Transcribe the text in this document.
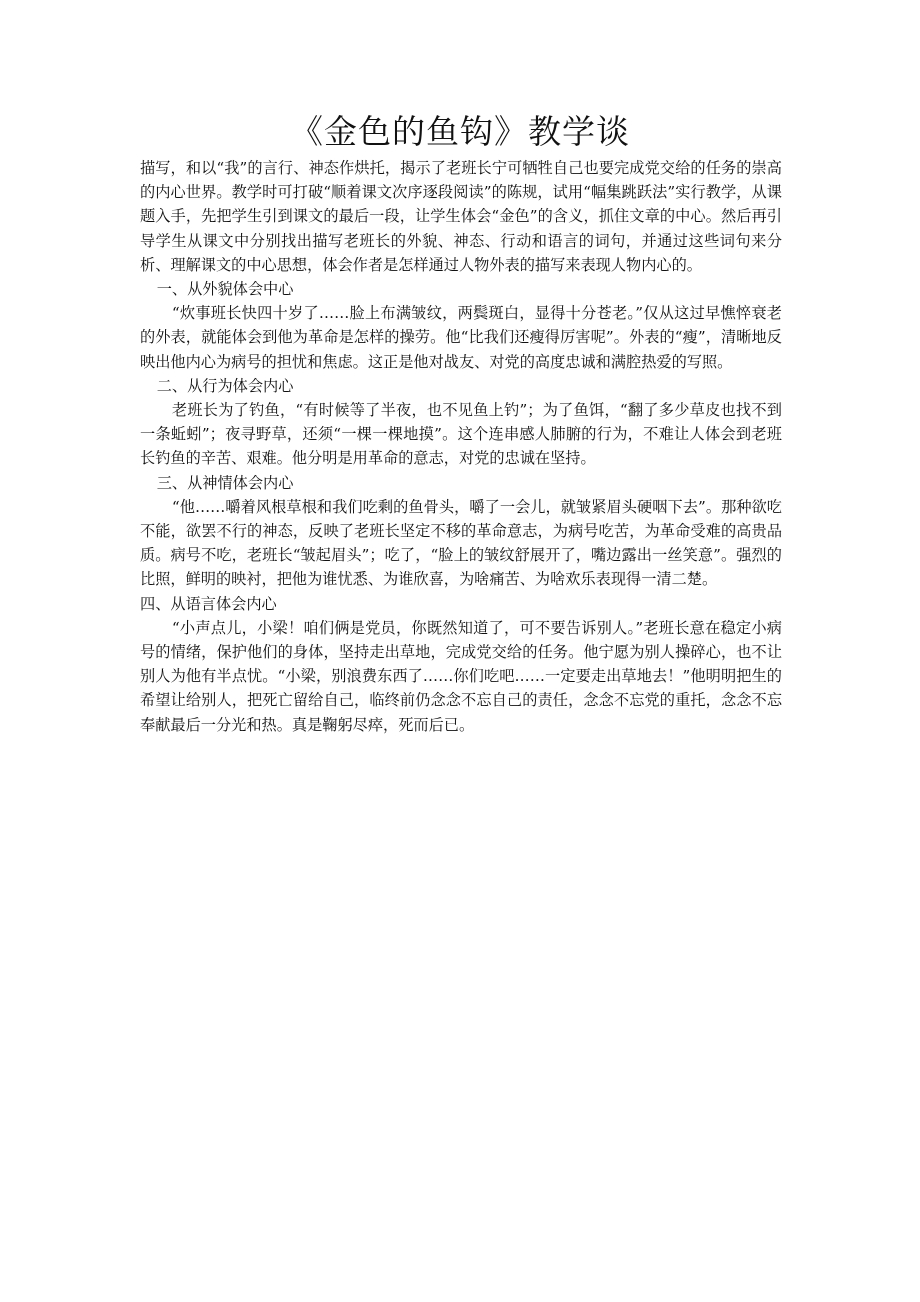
《金色的鱼钩》教学谈

描写，和以“我”的言行、神态作烘托，揭示了老班长宁可牺牲自己也要完成党交给的任务的崇高的内心世界。教学时可打破“顺着课文次序逐段阅读”的陈规，试用“幅集跳跃法”实行教学，从课题入手，先把学生引到课文的最后一段，让学生体会“金色”的含义，抓住文章的中心。然后再引导学生从课文中分别找出描写老班长的外貌、神态、行动和语言的词句，并通过这些词句来分析、理解课文的中心思想，体会作者是怎样通过人物外表的描写来表现人物内心的。

一、从外貌体会中心

“炊事班长快四十岁了……脸上布满皱纹，两鬓斑白，显得十分苍老。”仅从这过早憔悴衰老的外表，就能体会到他为革命是怎样的操劳。他“比我们还瘦得厉害呢”。外表的“瘦”，清晰地反映出他内心为病号的担忧和焦虑。这正是他对战友、对党的高度忠诚和满腔热爱的写照。

二、从行为体会内心

老班长为了钓鱼，“有时候等了半夜，也不见鱼上钓”；为了鱼饵，“翻了多少草皮也找不到一条蚯蚓”；夜寻野草，还须“一棵一棵地摸”。这个连串感人肺腑的行为，不难让人体会到老班长钓鱼的辛苦、艰难。他分明是用革命的意志，对党的忠诚在坚持。

三、从神情体会内心

“他……嚼着风根草根和我们吃剩的鱼骨头，嚼了一会儿，就皱紧眉头硬咽下去”。那种欲吃不能，欲罢不行的神态，反映了老班长坚定不移的革命意志，为病号吃苦，为革命受难的高贵品质。病号不吃，老班长“皱起眉头”；吃了，“脸上的皱纹舒展开了，嘴边露出一丝笑意”。强烈的比照，鲜明的映衬，把他为谁忧悉、为谁欣喜，为啥痛苦、为啥欢乐表现得一清二楚。

四、从语言体会内心

“小声点儿，小梁！咱们俩是党员，你既然知道了，可不要告诉别人。”老班长意在稳定小病号的情绪，保护他们的身体，坚持走出草地，完成党交给的任务。他宁愿为别人操碎心，也不让别人为他有半点忧。“小梁，别浪费东西了……你们吃吧……一定要走出草地去！”他明明把生的希望让给别人，把死亡留给自己，临终前仍念念不忘自己的责任，念念不忘党的重托，念念不忘奉献最后一分光和热。真是鞠躬尽瘁，死而后已。
